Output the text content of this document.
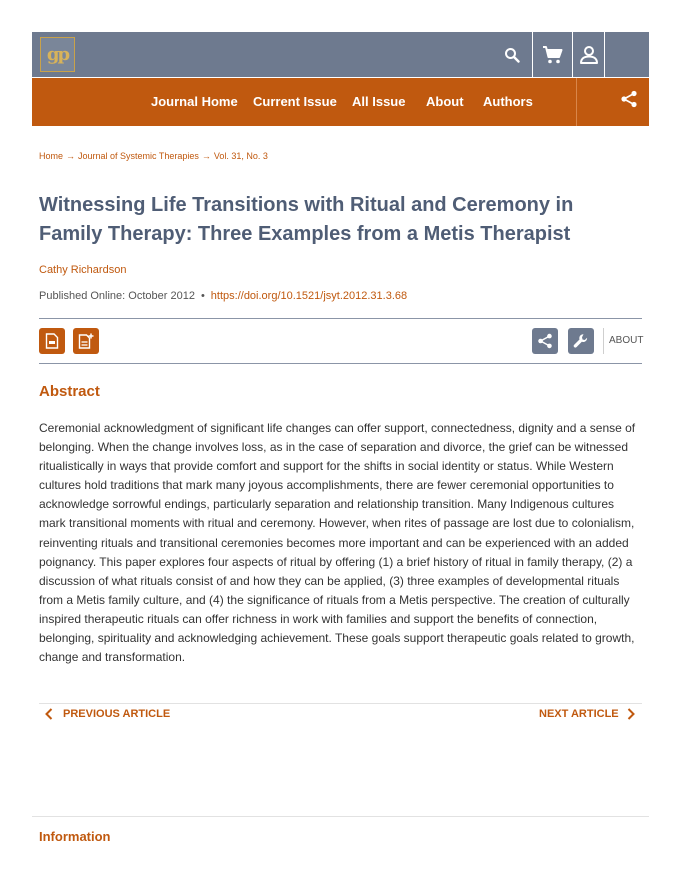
gp
Journal Home Current Issue All Issue About Authors
Home → Journal of Systemic Therapies → Vol. 31, No. 3
Witnessing Life Transitions with Ritual and Ceremony in Family Therapy: Three Examples from a Metis Therapist
Cathy Richardson
Published Online: October 2012 • https://doi.org/10.1521/jsyt.2012.31.3.68
ABOUT
Abstract

Ceremonial acknowledgment of significant life changes can offer support, connectedness, dignity and a sense of belonging. When the change involves loss, as in the case of separation and divorce, the grief can be witnessed ritualistically in ways that provide comfort and support for the shifts in social identity or status. While Western cultures hold traditions that mark many joyous accomplishments, there are fewer ceremonial opportunities to acknowledge sorrowful endings, particularly separation and relationship transition. Many Indigenous cultures mark transitional moments with ritual and ceremony. However, when rites of passage are lost due to colonialism, reinventing rituals and transitional ceremonies becomes more important and can be experienced with an added poignancy. This paper explores four aspects of ritual by offering (1) a brief history of ritual in family therapy, (2) a discussion of what rituals consist of and how they can be applied, (3) three examples of developmental rituals from a Metis family culture, and (4) the significance of rituals from a Metis perspective. The creation of culturally inspired therapeutic rituals can offer richness in work with families and support the benefits of connection, belonging, spirituality and acknowledging achievement. These goals support therapeutic goals related to growth, change and transformation.

PREVIOUS ARTICLE	NEXT ARTICLE
Information
